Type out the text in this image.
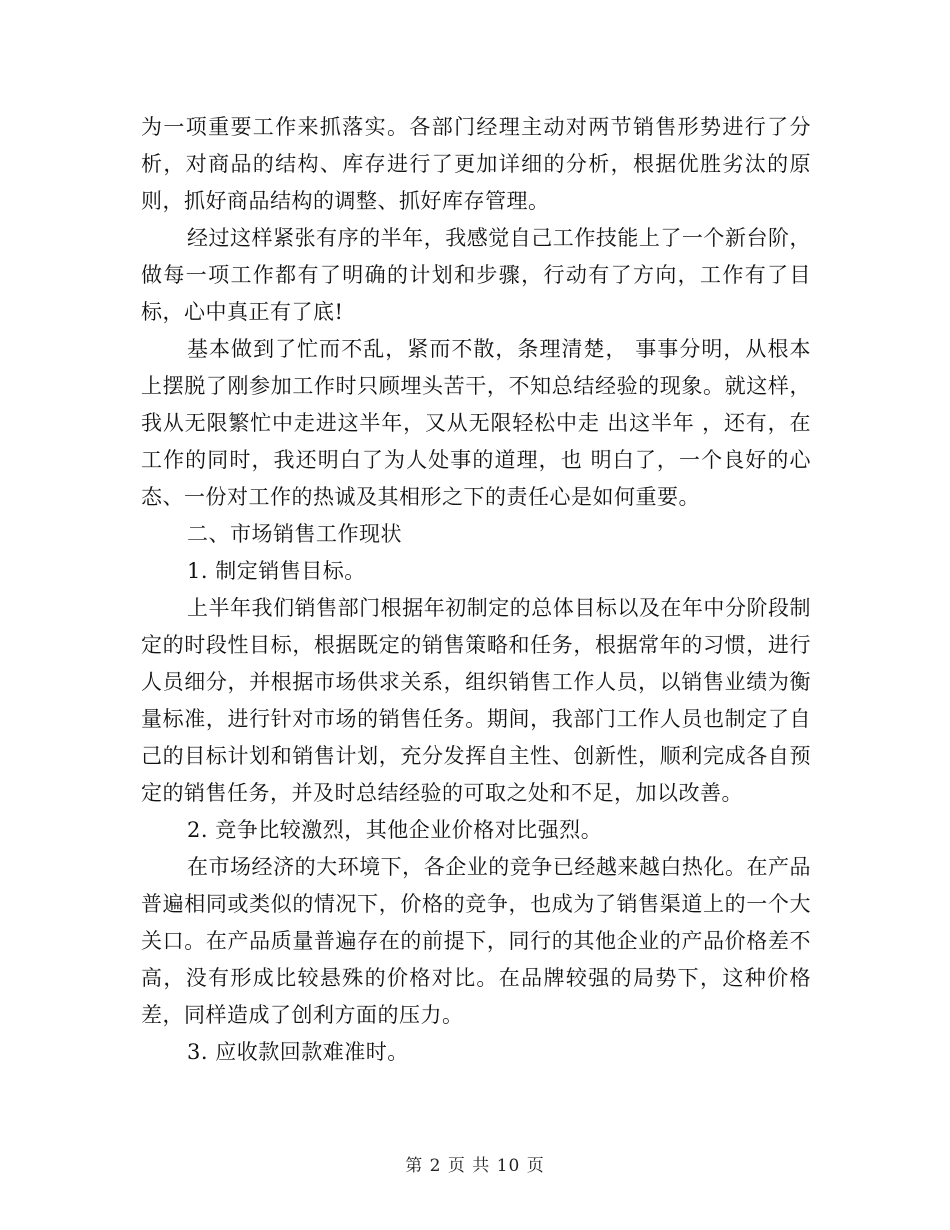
为一项重要工作来抓落实。各部门经理主动对两节销售形势进行了分析，对商品的结构、库存进行了更加详细的分析，根据优胜劣汰的原则，抓好商品结构的调整、抓好库存管理。

经过这样紧张有序的半年，我感觉自己工作技能上了一个新台阶， 做每一项工作都有了明确的计划和步骤，行动有了方向，工作有了目标，心中真正有了底!

基本做到了忙而不乱，紧而不散，条理清楚， 事事分明，从根本上摆脱了刚参加工作时只顾埋头苦干，不知总结经验的现象。就这样，我从无限繁忙中走进这半年，又从无限轻松中走 出这半年 ，还有，在工作的同时，我还明白了为人处事的道理，也 明白了，一个良好的心态、一份对工作的热诚及其相形之下的责任心是如何重要。

二、市场销售工作现状

1. 制定销售目标。

上半年我们销售部门根据年初制定的总体目标以及在年中分阶段制定的时段性目标，根据既定的销售策略和任务，根据常年的习惯，进行人员细分，并根据市场供求关系，组织销售工作人员，以销售业绩为衡量标准，进行针对市场的销售任务。期间，我部门工作人员也制定了自己的目标计划和销售计划，充分发挥自主性、创新性，顺利完成各自预定的销售任务，并及时总结经验的可取之处和不足，加以改善。

2. 竞争比较激烈，其他企业价格对比强烈。

在市场经济的大环境下，各企业的竞争已经越来越白热化。在产品普遍相同或类似的情况下，价格的竞争，也成为了销售渠道上的一个大关口。在产品质量普遍存在的前提下，同行的其他企业的产品价格差不高，没有形成比较悬殊的价格对比。在品牌较强的局势下，这种价格差，同样造成了创利方面的压力。

3. 应收款回款难准时。

第 2 页 共 10 页
